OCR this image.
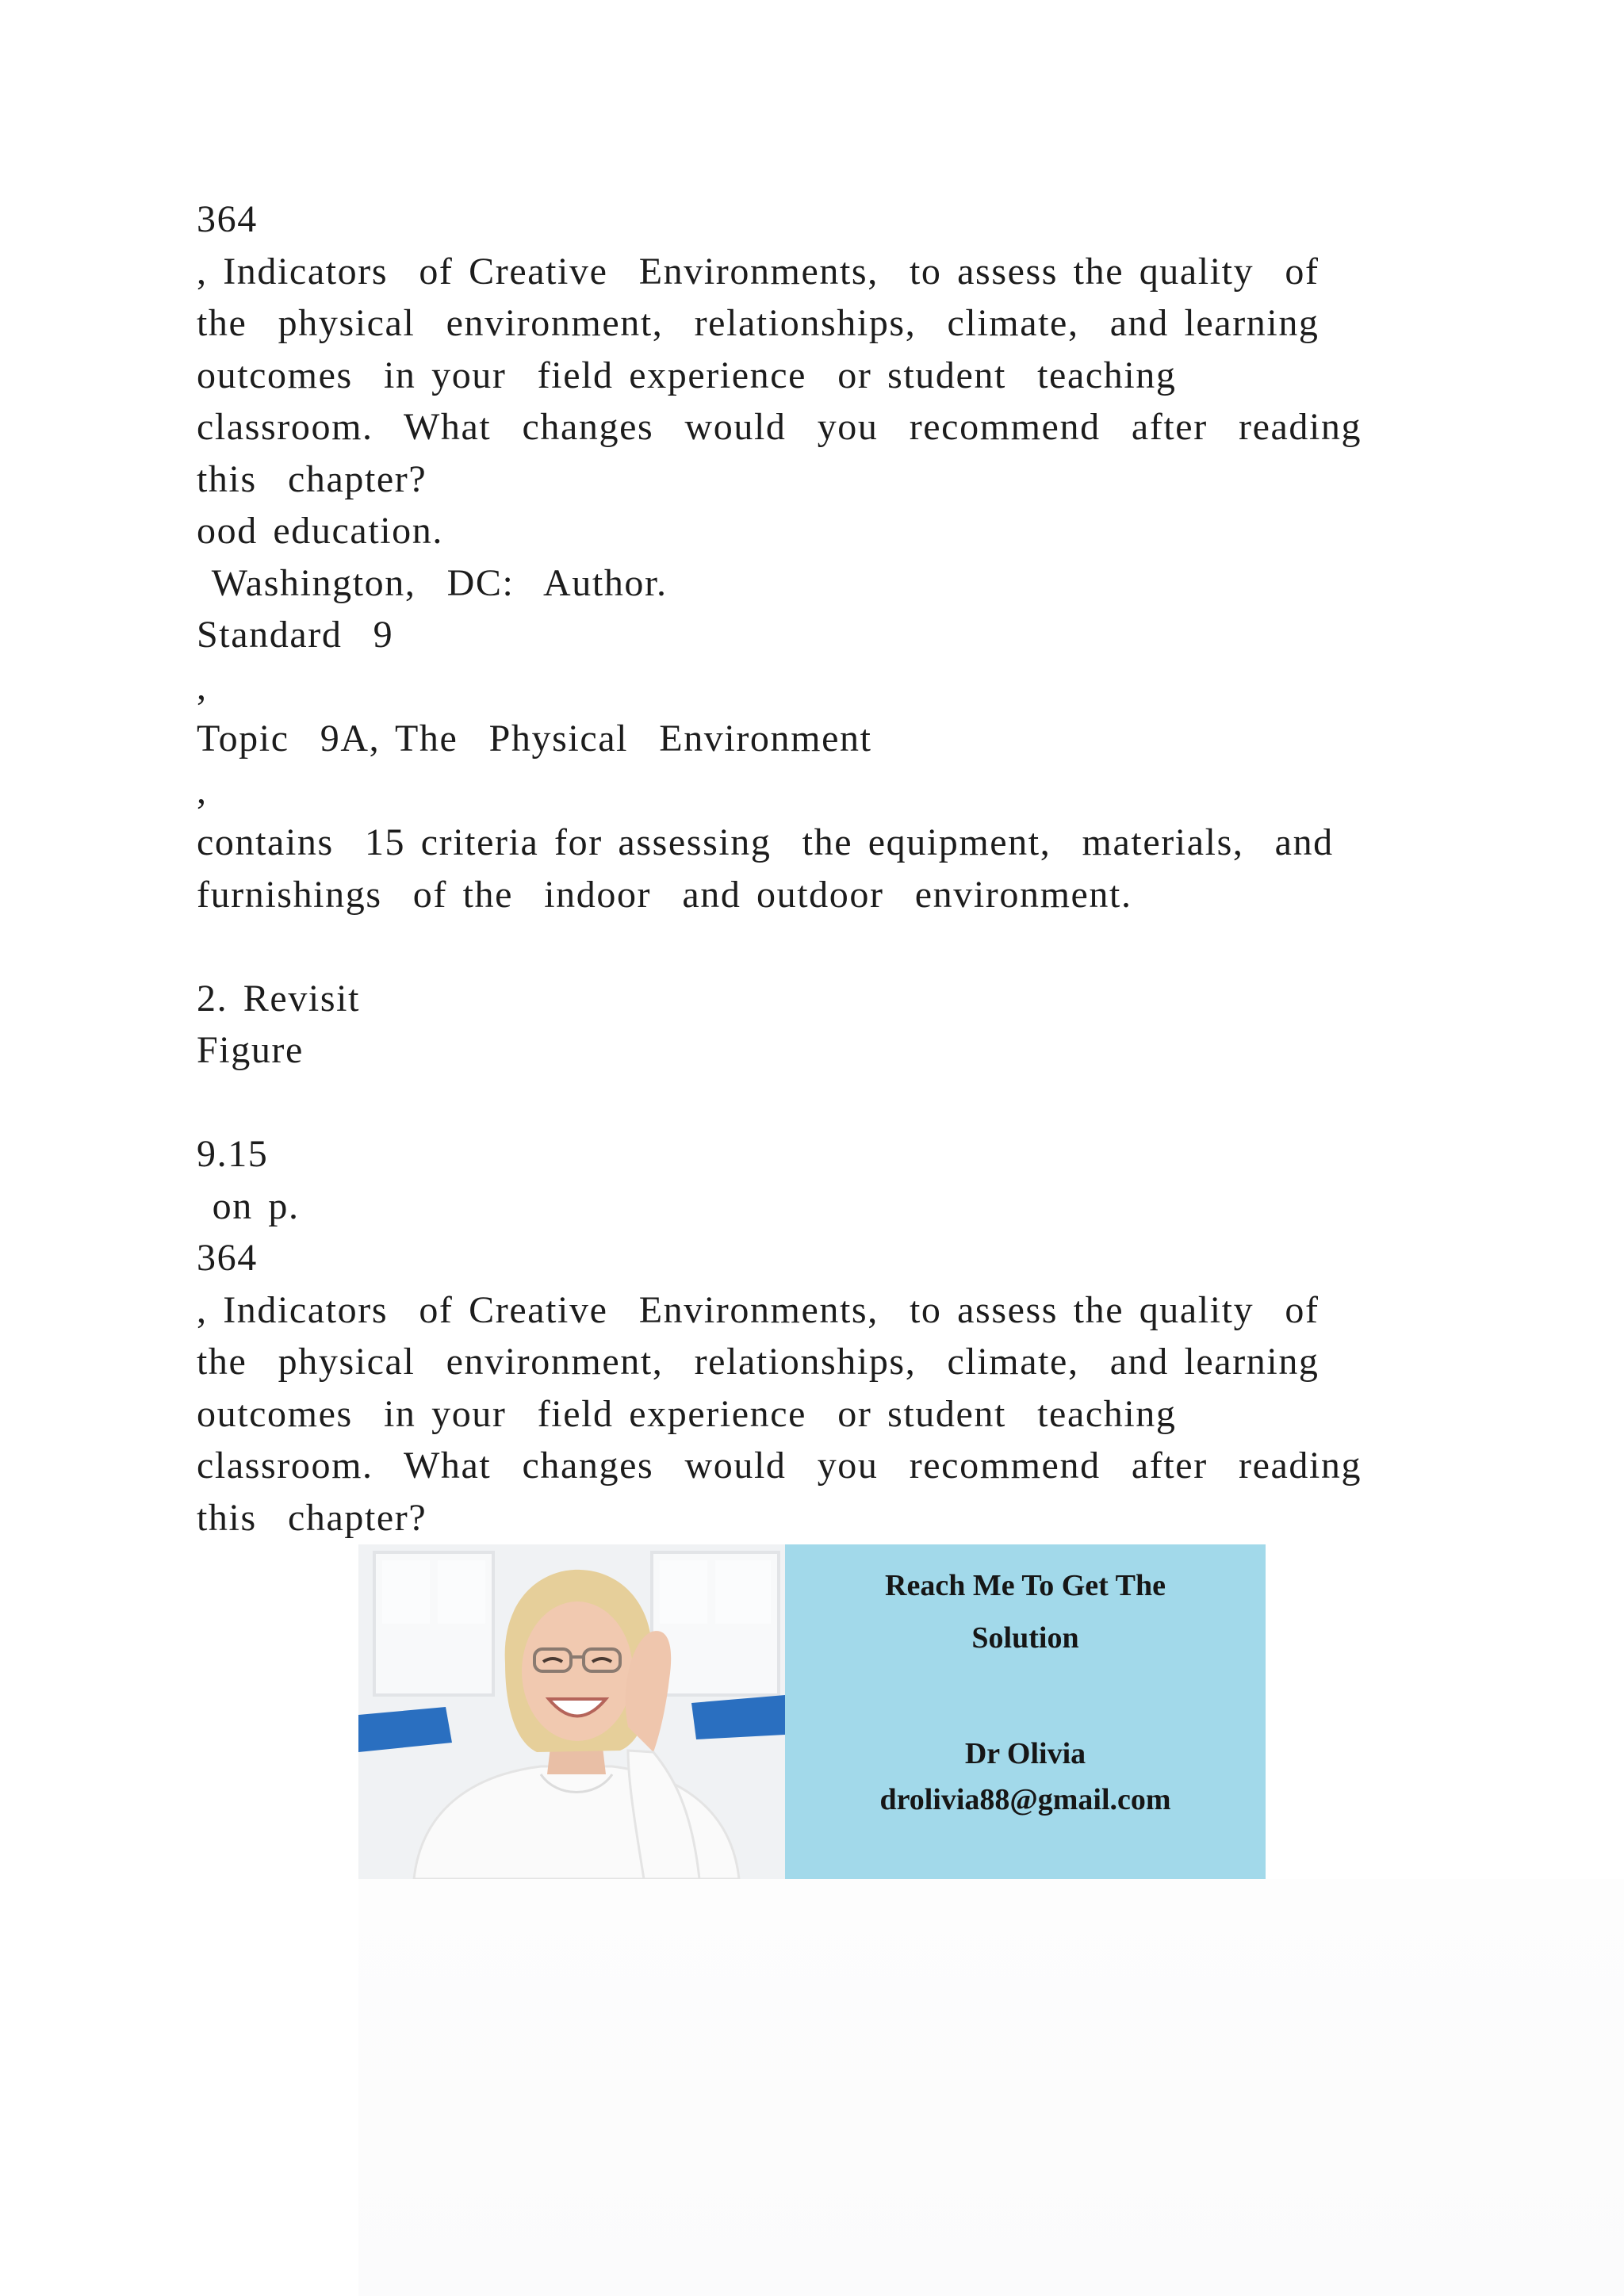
364
, Indicators  of Creative  Environments,  to assess the quality  of
the  physical  environment,  relationships,  climate,  and learning
outcomes  in your  field experience  or student  teaching
classroom.  What  changes  would  you  recommend  after  reading
this  chapter?
ood education.
Washington,  DC:  Author.
Standard  9
,
Topic  9A, The  Physical  Environment
,
contains  15 criteria for assessing  the equipment,  materials,  and
furnishings  of the  indoor  and outdoor  environment.
2. Revisit
Figure
9.15
on p.
364
, Indicators  of Creative  Environments,  to assess the quality  of
the  physical  environment,  relationships,  climate,  and learning
outcomes  in your  field experience  or student  teaching
classroom.  What  changes  would  you  recommend  after  reading
this  chapter?
Reach Me To Get The
Solution
Dr Olivia
drolivia88@gmail.com
